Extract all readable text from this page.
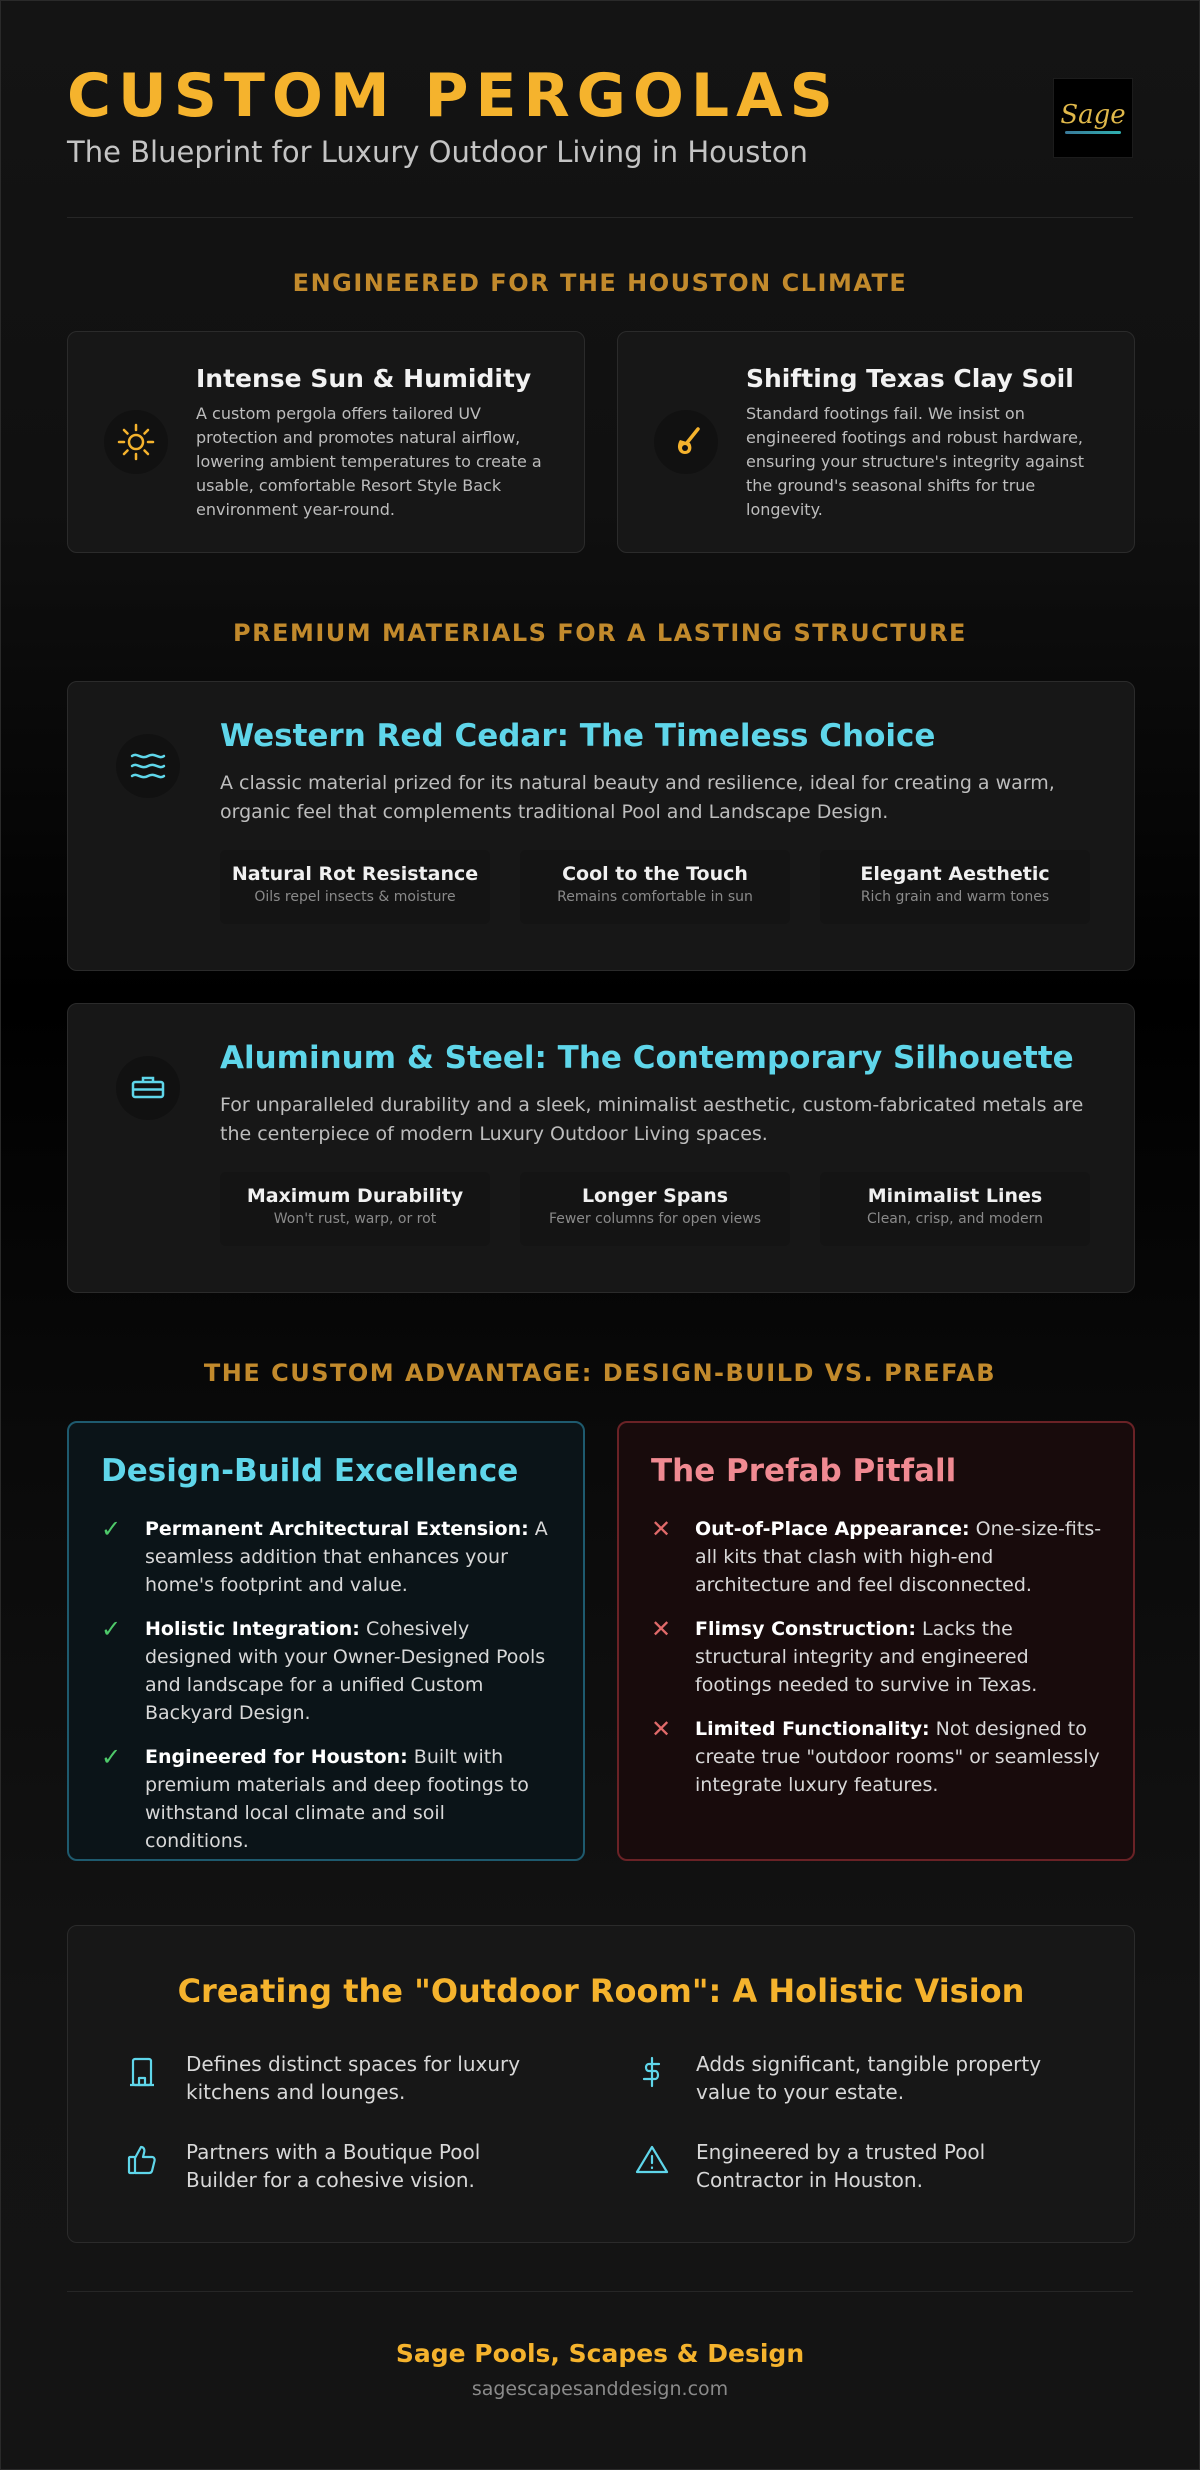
CUSTOM PERGOLAS
The Blueprint for Luxury Outdoor Living in Houston
Sage
ENGINEERED FOR THE HOUSTON CLIMATE
Intense Sun & Humidity
A custom pergola offers tailored UV protection and promotes natural airflow, lowering ambient temperatures to create a usable, comfortable Resort Style Back environment year-round.
Shifting Texas Clay Soil
Standard footings fail. We insist on engineered footings and robust hardware, ensuring your structure's integrity against the ground's seasonal shifts for true longevity.
PREMIUM MATERIALS FOR A LASTING STRUCTURE
Western Red Cedar: The Timeless Choice
A classic material prized for its natural beauty and resilience, ideal for creating a warm, organic feel that complements traditional Pool and Landscape Design.
Natural Rot Resistance
Oils repel insects & moisture
Cool to the Touch
Remains comfortable in sun
Elegant Aesthetic
Rich grain and warm tones
Aluminum & Steel: The Contemporary Silhouette
For unparalleled durability and a sleek, minimalist aesthetic, custom-fabricated metals are the centerpiece of modern Luxury Outdoor Living spaces.
Maximum Durability
Won't rust, warp, or rot
Longer Spans
Fewer columns for open views
Minimalist Lines
Clean, crisp, and modern
THE CUSTOM ADVANTAGE: DESIGN-BUILD VS. PREFAB
Design-Build Excellence
✓	Permanent Architectural Extension: A seamless addition that enhances your home's footprint and value.
✓	Holistic Integration: Cohesively designed with your Owner-Designed Pools and landscape for a unified Custom Backyard Design.
✓	Engineered for Houston: Built with premium materials and deep footings to withstand local climate and soil conditions.
The Prefab Pitfall
✕	Out-of-Place Appearance: One-size-fits-all kits that clash with high-end architecture and feel disconnected.
✕	Flimsy Construction: Lacks the structural integrity and engineered footings needed to survive in Texas.
✕	Limited Functionality: Not designed to create true "outdoor rooms" or seamlessly integrate luxury features.
Creating the "Outdoor Room": A Holistic Vision
Defines distinct spaces for luxury kitchens and lounges.
Adds significant, tangible property value to your estate.
Partners with a Boutique Pool Builder for a cohesive vision.
Engineered by a trusted Pool Contractor in Houston.
Sage Pools, Scapes & Design
sagescapesanddesign.com
